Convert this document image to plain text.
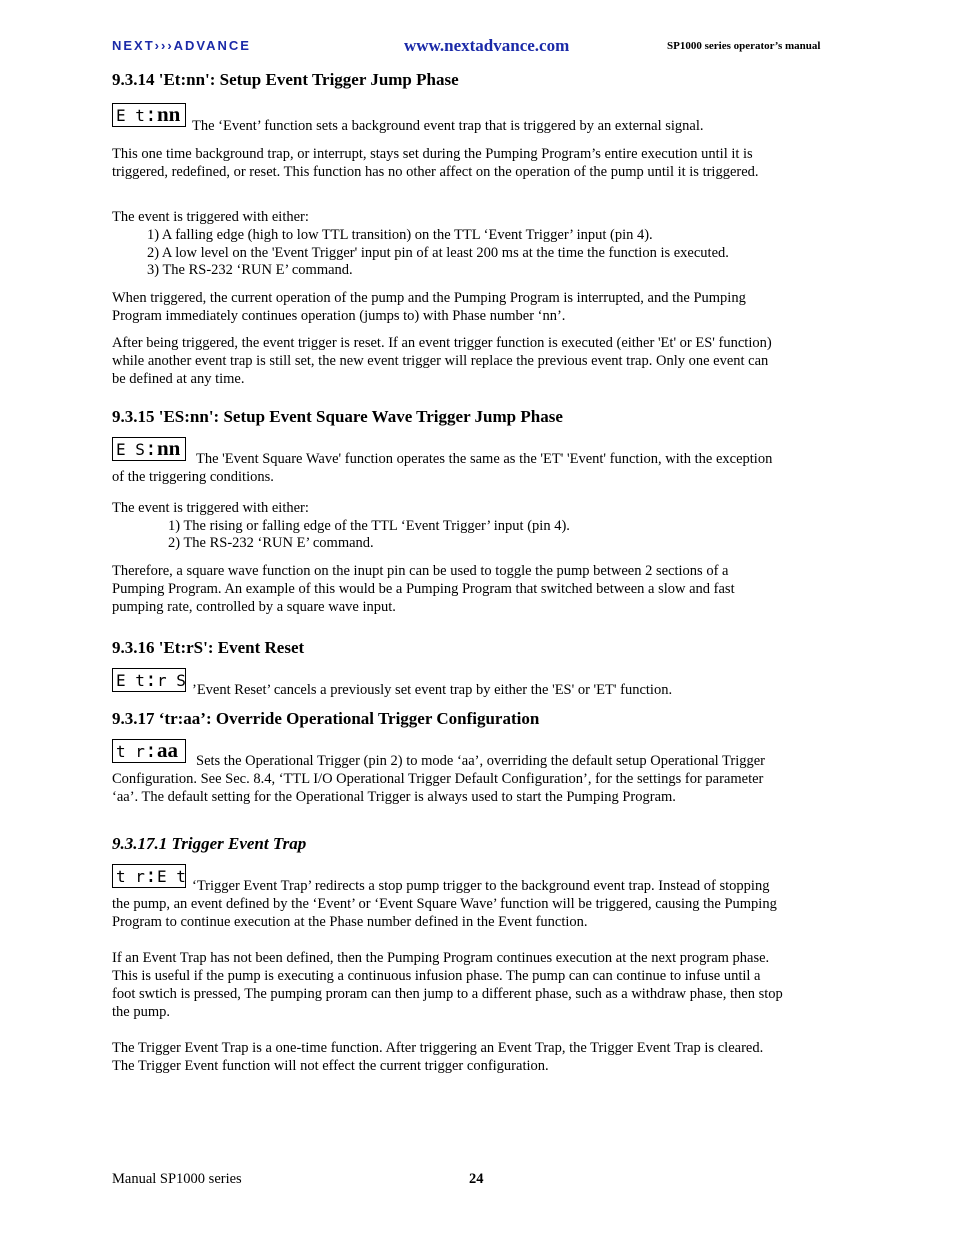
NEXT›››ADVANCE	www.nextadvance.com	SP1000 series operator’s manual
9.3.14 'Et:nn': Setup Event Trigger Jump Phase
E t:nn The ‘Event’ function sets a background event trap that is triggered by an external signal.
This one time background trap, or interrupt, stays set during the Pumping Program’s entire execution until it is triggered, redefined, or reset. This function has no other affect on the operation of the pump until it is triggered.
The event is triggered with either:
1) A falling edge (high to low TTL transition) on the TTL ‘Event Trigger’ input (pin 4).
2) A low level on the 'Event Trigger' input pin of at least 200 ms at the time the function is executed.
3) The RS-232 ‘RUN E’ command.
When triggered, the current operation of the pump and the Pumping Program is interrupted, and the Pumping Program immediately continues operation (jumps to) with Phase number ‘nn’.
After being triggered, the event trigger is reset. If an event trigger function is executed (either 'Et' or ES' function) while another event trap is still set, the new event trigger will replace the previous event trap. Only one event can be defined at any time.
9.3.15 'ES:nn': Setup Event Square Wave Trigger Jump Phase
E S:nn	The 'Event Square Wave' function operates the same as the 'ET' 'Event' function, with the exception of the triggering conditions.
The event is triggered with either:
1) The rising or falling edge of the TTL ‘Event Trigger’ input (pin 4).
2) The RS-232 ‘RUN E’ command.
Therefore, a square wave function on the inupt pin can be used to toggle the pump between 2 sections of a Pumping Program. An example of this would be a Pumping Program that switched between a slow and fast pumping rate, controlled by a square wave input.
9.3.16 'Et:rS': Event Reset
E t:r S ’Event Reset’ cancels a previously set event trap by either the 'ES' or 'ET' function.
9.3.17 ‘tr:aa’: Override Operational Trigger Configuration
t r:aa	Sets the Operational Trigger (pin 2) to mode ‘aa’, overriding the default setup Operational Trigger Configuration. See Sec. 8.4, ‘TTL I/O Operational Trigger Default Configuration’, for the settings for parameter ‘aa’. The default setting for the Operational Trigger is always used to start the Pumping Program.
9.3.17.1 Trigger Event Trap
t r:E t ‘Trigger Event Trap’ redirects a stop pump trigger to the background event trap. Instead of stopping the pump, an event defined by the ‘Event’ or ‘Event Square Wave’ function will be triggered, causing the Pumping Program to continue execution at the Phase number defined in the Event function.
If an Event Trap has not been defined, then the Pumping Program continues execution at the next program phase. This is useful if the pump is executing a continuous infusion phase. The pump can can continue to infuse until a foot swtich is pressed, The pumping proram can then jump to a different phase, such as a withdraw phase, then stop the pump.
The Trigger Event Trap is a one-time function. After triggering an Event Trap, the Trigger Event Trap is cleared. The Trigger Event function will not effect the current trigger configuration.
Manual SP1000 series	24
